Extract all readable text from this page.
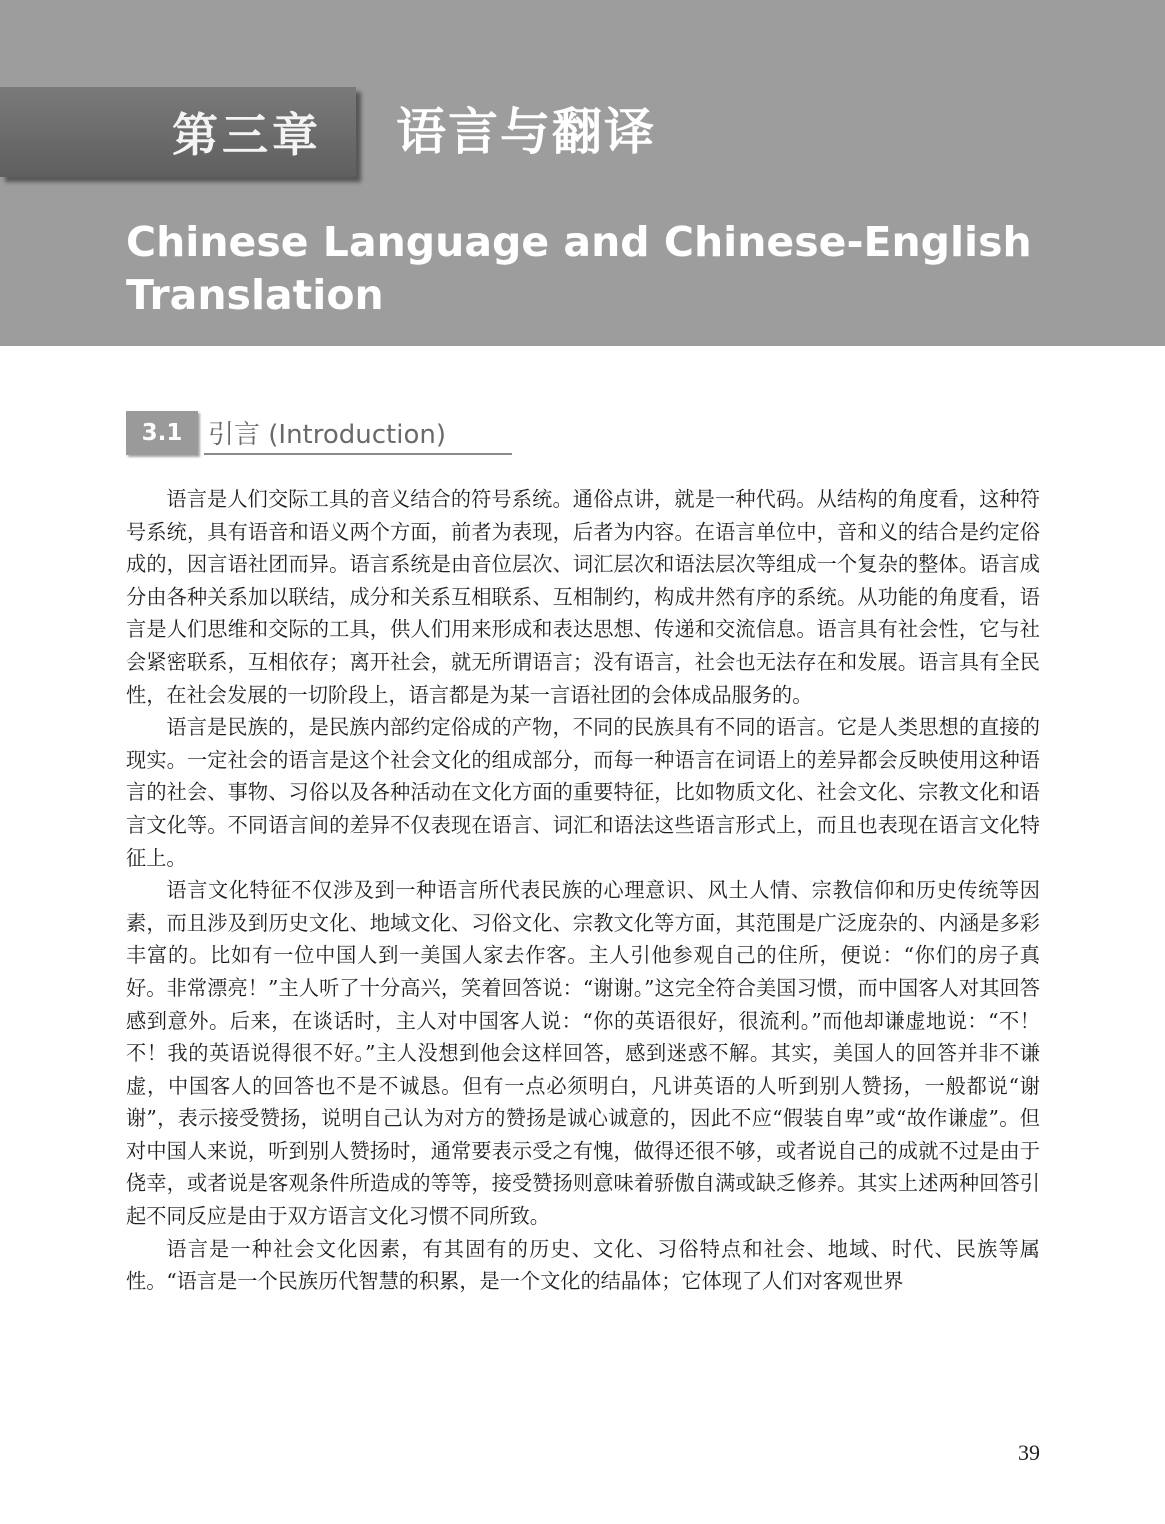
第三章 语言与翻译
Chinese Language and Chinese-English
Translation
3.1 引言 (Introduction)

语言是人们交际工具的音义结合的符号系统。通俗点讲，就是一种代码。从结构的角度看，这种符号系统，具有语音和语义两个方面，前者为表现，后者为内容。在语言单位中，音和义的结合是约定俗成的，因言语社团而异。语言系统是由音位层次、词汇层次和语法层次等组成一个复杂的整体。语言成分由各种关系加以联结，成分和关系互相联系、互相制约，构成井然有序的系统。从功能的角度看，语言是人们思维和交际的工具，供人们用来形成和表达思想、传递和交流信息。语言具有社会性，它与社会紧密联系，互相依存；离开社会，就无所谓语言；没有语言，社会也无法存在和发展。语言具有全民性，在社会发展的一切阶段上，语言都是为某一言语社团的会体成品服务的。

语言是民族的，是民族内部约定俗成的产物，不同的民族具有不同的语言。它是人类思想的直接的现实。一定社会的语言是这个社会文化的组成部分，而每一种语言在词语上的差异都会反映使用这种语言的社会、事物、习俗以及各种活动在文化方面的重要特征，比如物质文化、社会文化、宗教文化和语言文化等。不同语言间的差异不仅表现在语言、词汇和语法这些语言形式上，而且也表现在语言文化特征上。

语言文化特征不仅涉及到一种语言所代表民族的心理意识、风土人情、宗教信仰和历史传统等因素，而且涉及到历史文化、地域文化、习俗文化、宗教文化等方面，其范围是广泛庞杂的、内涵是多彩丰富的。比如有一位中国人到一美国人家去作客。主人引他参观自己的住所，便说：“你们的房子真好。非常漂亮！”主人听了十分高兴，笑着回答说：“谢谢。”这完全符合美国习惯，而中国客人对其回答感到意外。后来，在谈话时，主人对中国客人说：“你的英语很好，很流利。”而他却谦虚地说：“不！不！我的英语说得很不好。”主人没想到他会这样回答，感到迷惑不解。其实，美国人的回答并非不谦虚，中国客人的回答也不是不诚恳。但有一点必须明白，凡讲英语的人听到别人赞扬，一般都说“谢谢”，表示接受赞扬，说明自己认为对方的赞扬是诚心诚意的，因此不应“假装自卑”或“故作谦虚”。但对中国人来说，听到别人赞扬时，通常要表示受之有愧，做得还很不够，或者说自己的成就不过是由于侥幸，或者说是客观条件所造成的等等，接受赞扬则意味着骄傲自满或缺乏修养。其实上述两种回答引起不同反应是由于双方语言文化习惯不同所致。

语言是一种社会文化因素，有其固有的历史、文化、习俗特点和社会、地域、时代、民族等属性。“语言是一个民族历代智慧的积累，是一个文化的结晶体；它体现了人们对客观世界

39
